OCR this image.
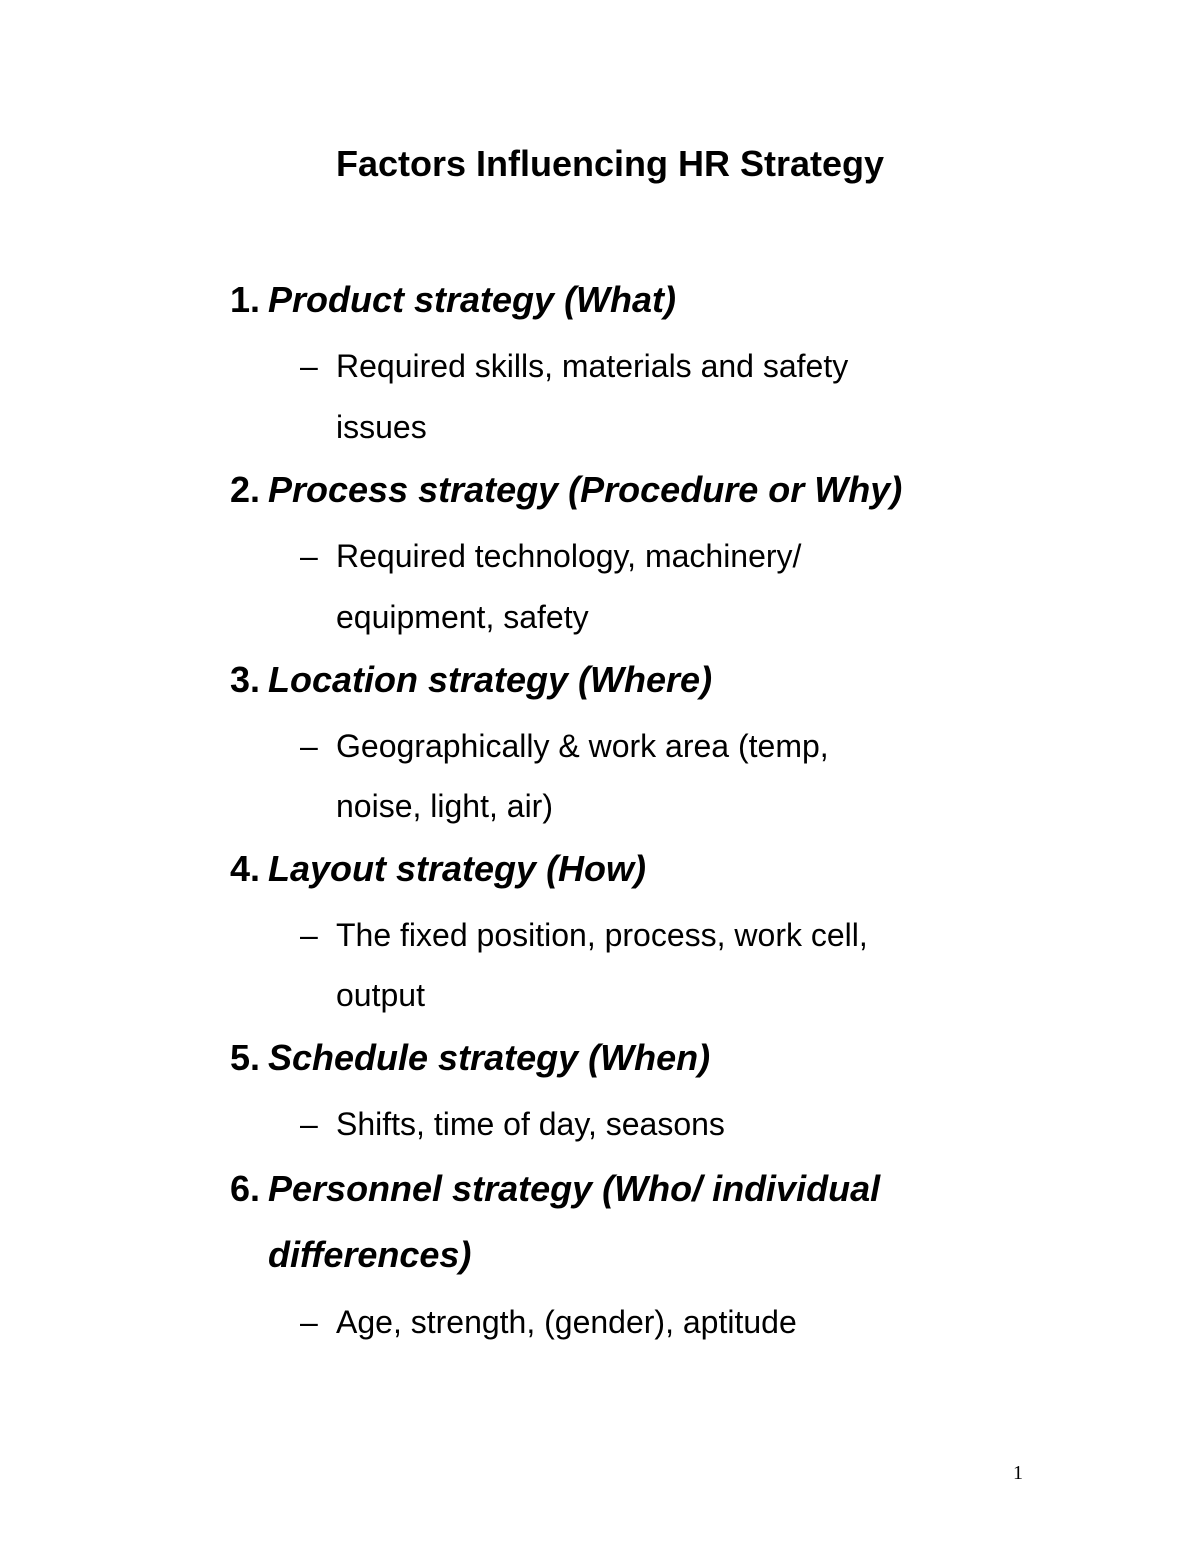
Factors Influencing HR Strategy
1. Product strategy (What)
– Required skills, materials and safety
issues
2. Process strategy (Procedure or Why)
– Required technology, machinery/
equipment, safety
3. Location strategy (Where)
– Geographically & work area (temp,
noise, light, air)
4. Layout strategy (How)
– The fixed position, process, work cell,
output
5. Schedule strategy (When)
– Shifts, time of day, seasons
6. Personnel strategy (Who/ individual
differences)
– Age, strength, (gender), aptitude
1
